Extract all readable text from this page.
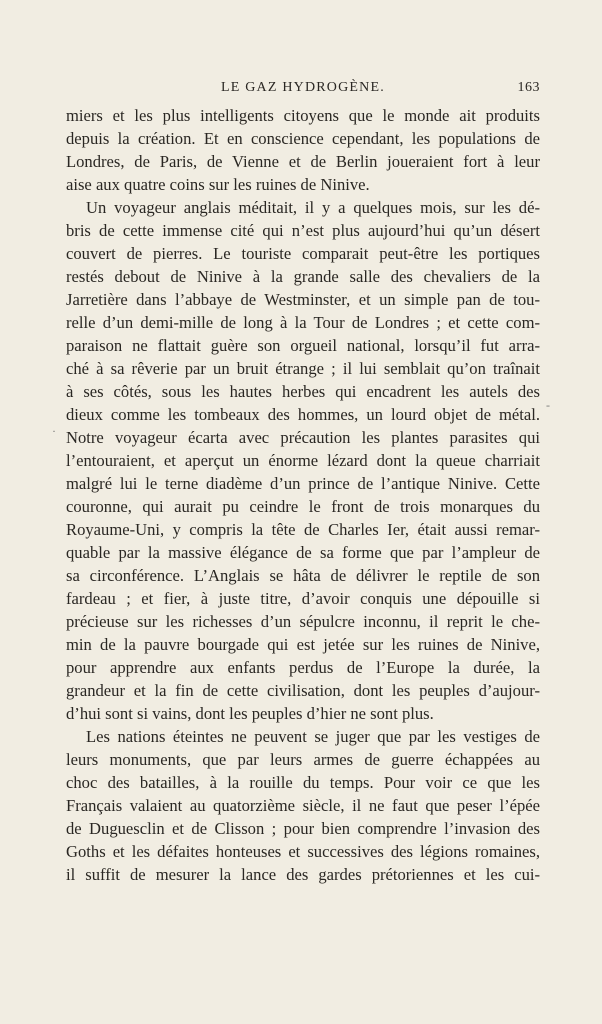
LE GAZ HYDROGÈNE.	163
miers et les plus intelligents citoyens que le monde ait produits
depuis la création. Et en conscience cependant, les populations de
Londres, de Paris, de Vienne et de Berlin joueraient fort à leur
aise aux quatre coins sur les ruines de Ninive.
Un voyageur anglais méditait, il y a quelques mois, sur les dé-
bris de cette immense cité qui n’est plus aujourd’hui qu’un désert
couvert de pierres. Le touriste comparait peut-être les portiques
restés debout de Ninive à la grande salle des chevaliers de la
Jarretière dans l’abbaye de Westminster, et un simple pan de tou-
relle d’un demi-mille de long à la Tour de Londres ; et cette com-
paraison ne flattait guère son orgueil national, lorsqu’il fut arra-
ché à sa rêverie par un bruit étrange ; il lui semblait qu’on traînait
à ses côtés, sous les hautes herbes qui encadrent les autels des
dieux comme les tombeaux des hommes, un lourd objet de métal.
Notre voyageur écarta avec précaution les plantes parasites qui
l’entouraient, et aperçut un énorme lézard dont la queue charriait
malgré lui le terne diadème d’un prince de l’antique Ninive. Cette
couronne, qui aurait pu ceindre le front de trois monarques du
Royaume-Uni, y compris la tête de Charles Ier, était aussi remar-
quable par la massive élégance de sa forme que par l’ampleur de
sa circonférence. L’Anglais se hâta de délivrer le reptile de son
fardeau ; et fier, à juste titre, d’avoir conquis une dépouille si
précieuse sur les richesses d’un sépulcre inconnu, il reprit le che-
min de la pauvre bourgade qui est jetée sur les ruines de Ninive,
pour apprendre aux enfants perdus de l’Europe la durée, la
grandeur et la fin de cette civilisation, dont les peuples d’aujour-
d’hui sont si vains, dont les peuples d’hier ne sont plus.
Les nations éteintes ne peuvent se juger que par les vestiges de
leurs monuments, que par leurs armes de guerre échappées au
choc des batailles, à la rouille du temps. Pour voir ce que les
Français valaient au quatorzième siècle, il ne faut que peser l’épée
de Duguesclin et de Clisson ; pour bien comprendre l’invasion des
Goths et les défaites honteuses et successives des légions romaines,
il suffit de mesurer la lance des gardes prétoriennes et les cui-
-
·
